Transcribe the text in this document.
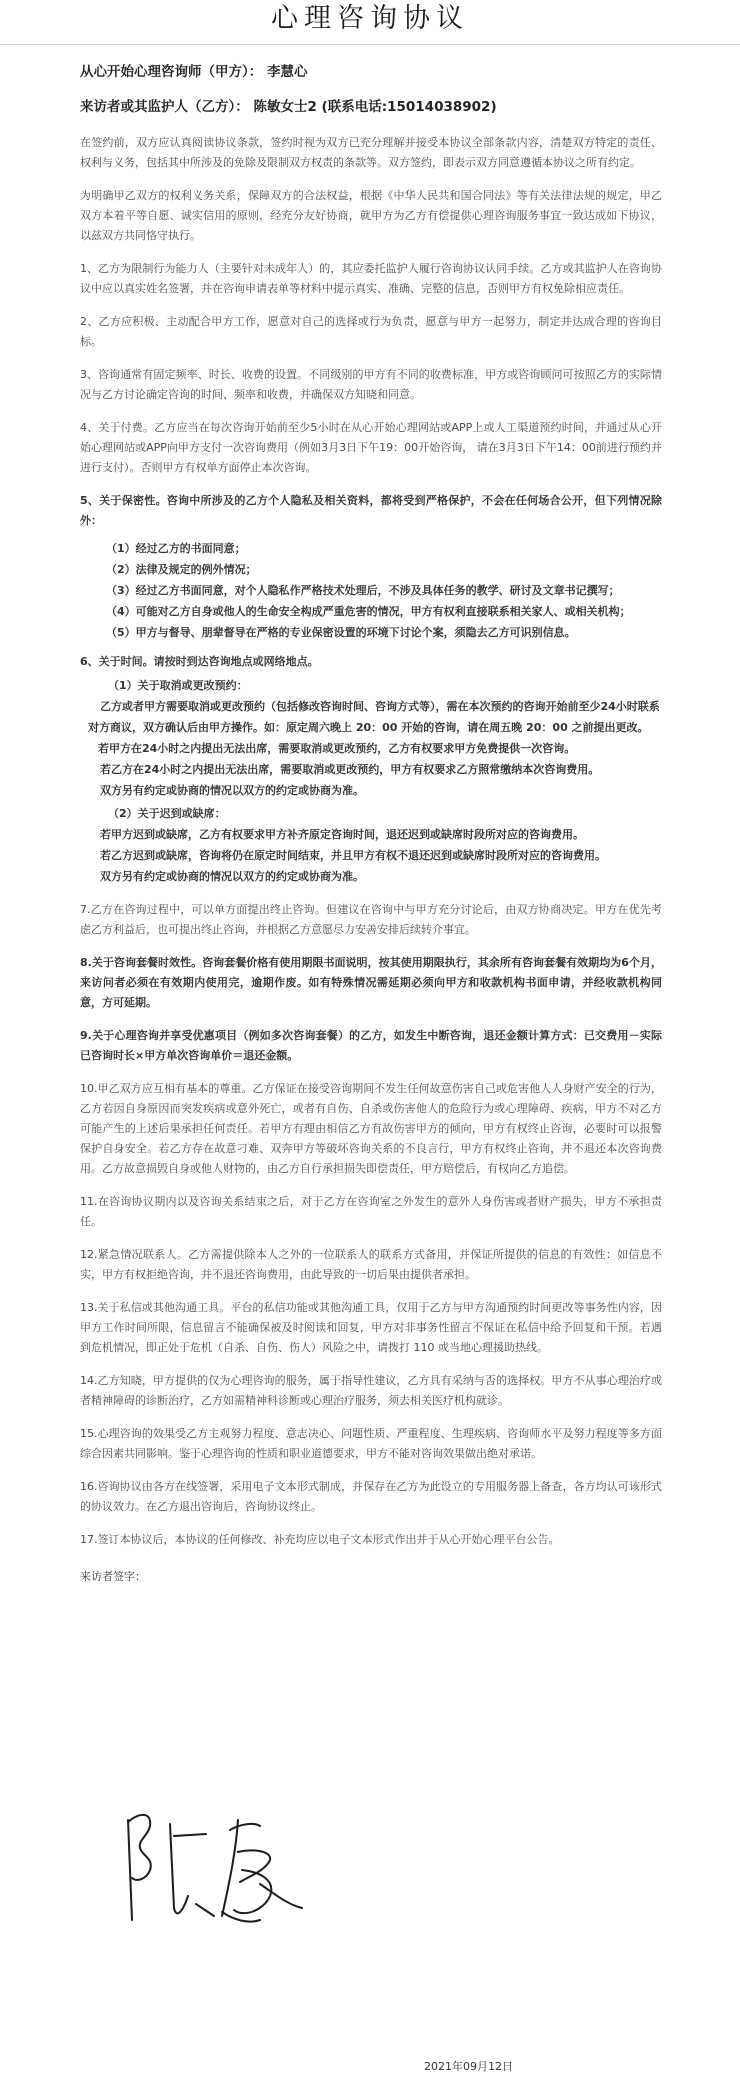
心理咨询协议

从心开始心理咨询师（甲方）： 李慧心

来访者或其监护人（乙方）： 陈敏女士2 (联系电话:15014038902)

在签约前，双方应认真阅读协议条款，签约时视为双方已充分理解并接受本协议全部条款内容，清楚双方特定的责任、权利与义务，包括其中所涉及的免除及限制双方权责的条款等。双方签约，即表示双方同意遵循本协议之所有约定。

为明确甲乙双方的权利义务关系，保障双方的合法权益，根据《中华人民共和国合同法》等有关法律法规的规定，甲乙双方本着平等自愿、诚实信用的原则，经充分友好协商，就甲方为乙方有偿提供心理咨询服务事宜一致达成如下协议，以兹双方共同恪守执行。

1、乙方为限制行为能力人（主要针对未成年人）的，其应委托监护人履行咨询协议认同手续。乙方或其监护人在咨询协议中应以真实姓名签署，并在咨询申请表单等材料中提示真实、准确、完整的信息，否则甲方有权免除相应责任。

2、乙方应积极、主动配合甲方工作，愿意对自己的选择或行为负责，愿意与甲方一起努力，制定并达成合理的咨询目标。

3、咨询通常有固定频率、时长、收费的设置。不同级别的甲方有不同的收费标准，甲方或咨询顾问可按照乙方的实际情况与乙方讨论确定咨询的时间、频率和收费，并确保双方知晓和同意。

4、关于付费。乙方应当在每次咨询开始前至少5小时在从心开始心理网站或APP上或人工渠道预约时间，并通过从心开始心理网站或APP向甲方支付一次咨询费用（例如3月3日下午19：00开始咨询， 请在3月3日下午14：00前进行预约并进行支付）。否则甲方有权单方面停止本次咨询。

5、关于保密性。咨询中所涉及的乙方个人隐私及相关资料，都将受到严格保护，不会在任何场合公开，但下列情况除外：

（1）经过乙方的书面同意；
（2）法律及规定的例外情况；
（3）经过乙方书面同意，对个人隐私作严格技术处理后，不涉及具体任务的教学、研讨及文章书记撰写；
（4）可能对乙方自身或他人的生命安全构成严重危害的情况，甲方有权利直接联系相关家人、或相关机构；
（5）甲方与督导、朋辈督导在严格的专业保密设置的环境下讨论个案，须隐去乙方可识别信息。

6、关于时间。请按时到达咨询地点或网络地点。

（1）关于取消或更改预约：

乙方或者甲方需要取消或更改预约（包括修改咨询时间、咨询方式等），需在本次预约的咨询开始前至少24小时联系对方商议，双方确认后由甲方操作。如：原定周六晚上 20：00 开始的咨询，请在周五晚 20：00 之前提出更改。

若甲方在24小时之内提出无法出席，需要取消或更改预约，乙方有权要求甲方免费提供一次咨询。

若乙方在24小时之内提出无法出席，需要取消或更改预约，甲方有权要求乙方照常缴纳本次咨询费用。

双方另有约定或协商的情况以双方的约定或协商为准。

（2）关于迟到或缺席：

若甲方迟到或缺席，乙方有权要求甲方补齐原定咨询时间，退还迟到或缺席时段所对应的咨询费用。

若乙方迟到或缺席，咨询将仍在原定时间结束，并且甲方有权不退还迟到或缺席时段所对应的咨询费用。

双方另有约定或协商的情况以双方的约定或协商为准。

7.乙方在咨询过程中，可以单方面提出终止咨询。但建议在咨询中与甲方充分讨论后，由双方协商决定。甲方在优先考虑乙方利益后，也可提出终止咨询，并根据乙方意愿尽力安善安排后续转介事宜。

8.关于咨询套餐时效性。咨询套餐价格有使用期限书面说明，按其使用期限执行，其余所有咨询套餐有效期均为6个月，来访问者必须在有效期内使用完，逾期作废。如有特殊情况需延期必须向甲方和收款机构书面申请，并经收款机构同意，方可延期。

9.关于心理咨询并享受优惠项目（例如多次咨询套餐）的乙方，如发生中断咨询，退还金额计算方式：已交费用－实际已咨询时长×甲方单次咨询单价＝退还金额。

10.甲乙双方应互相有基本的尊重。乙方保证在接受咨询期间不发生任何故意伤害自己或危害他人人身财产安全的行为，乙方若因自身原因而突发疾病或意外死亡，或者有自伤、自杀或伤害他人的危险行为或心理障碍、疾病，甲方不对乙方可能产生的上述后果承担任何责任。若甲方有理由相信乙方有故伤害甲方的倾向，甲方有权终止咨询，必要时可以报警保护自身安全。若乙方存在故意刁难、双奔甲方等破坏咨询关系的不良言行，甲方有权终止咨询，并不退还本次咨询费用。乙方故意损毁自身或他人财物的，由乙方自行承担损失即偿责任，甲方赔偿后，有权向乙方追偿。

11.在咨询协议期内以及咨询关系结束之后，对于乙方在咨询室之外发生的意外人身伤害或者财产损失，甲方不承担责任。

12.紧急情况联系人。乙方需提供除本人之外的一位联系人的联系方式备用，并保证所提供的信息的有效性：如信息不实，甲方有权拒绝咨询，并不退还咨询费用，由此导致的一切后果由提供者承担。

13.关于私信或其他沟通工具。平台的私信功能或其他沟通工具，仅用于乙方与甲方沟通预约时间更改等事务性内容，因甲方工作时间所限，信息留言不能确保被及时阅读和回复，甲方对非事务性留言不保证在私信中给予回复和干预。若遇到危机情况，即正处于危机（自杀、自伤、伤人）风险之中，请拨打 110 或当地心理援助热线。

14.乙方知晓，甲方提供的仅为心理咨询的服务，属于指导性建议，乙方具有采纳与否的选择权。甲方不从事心理治疗或者精神障碍的诊断治疗，乙方如需精神科诊断或心理治疗服务，须去相关医疗机构就诊。

15.心理咨询的效果受乙方主观努力程度、意志决心、问题性质、严重程度、生理疾病、咨询师水平及努力程度等多方面综合因素共同影响。鉴于心理咨询的性质和职业道德要求，甲方不能对咨询效果做出绝对承诺。

16.咨询协议由各方在线签署，采用电子文本形式制成，并保存在乙方为此设立的专用服务器上备查，各方均认可该形式的协议效力。在乙方退出咨询后，咨询协议终止。

17.签订本协议后，本协议的任何修改、补充均应以电子文本形式作出并于从心开始心理平台公告。

来访者签字：

2021年09月12日
